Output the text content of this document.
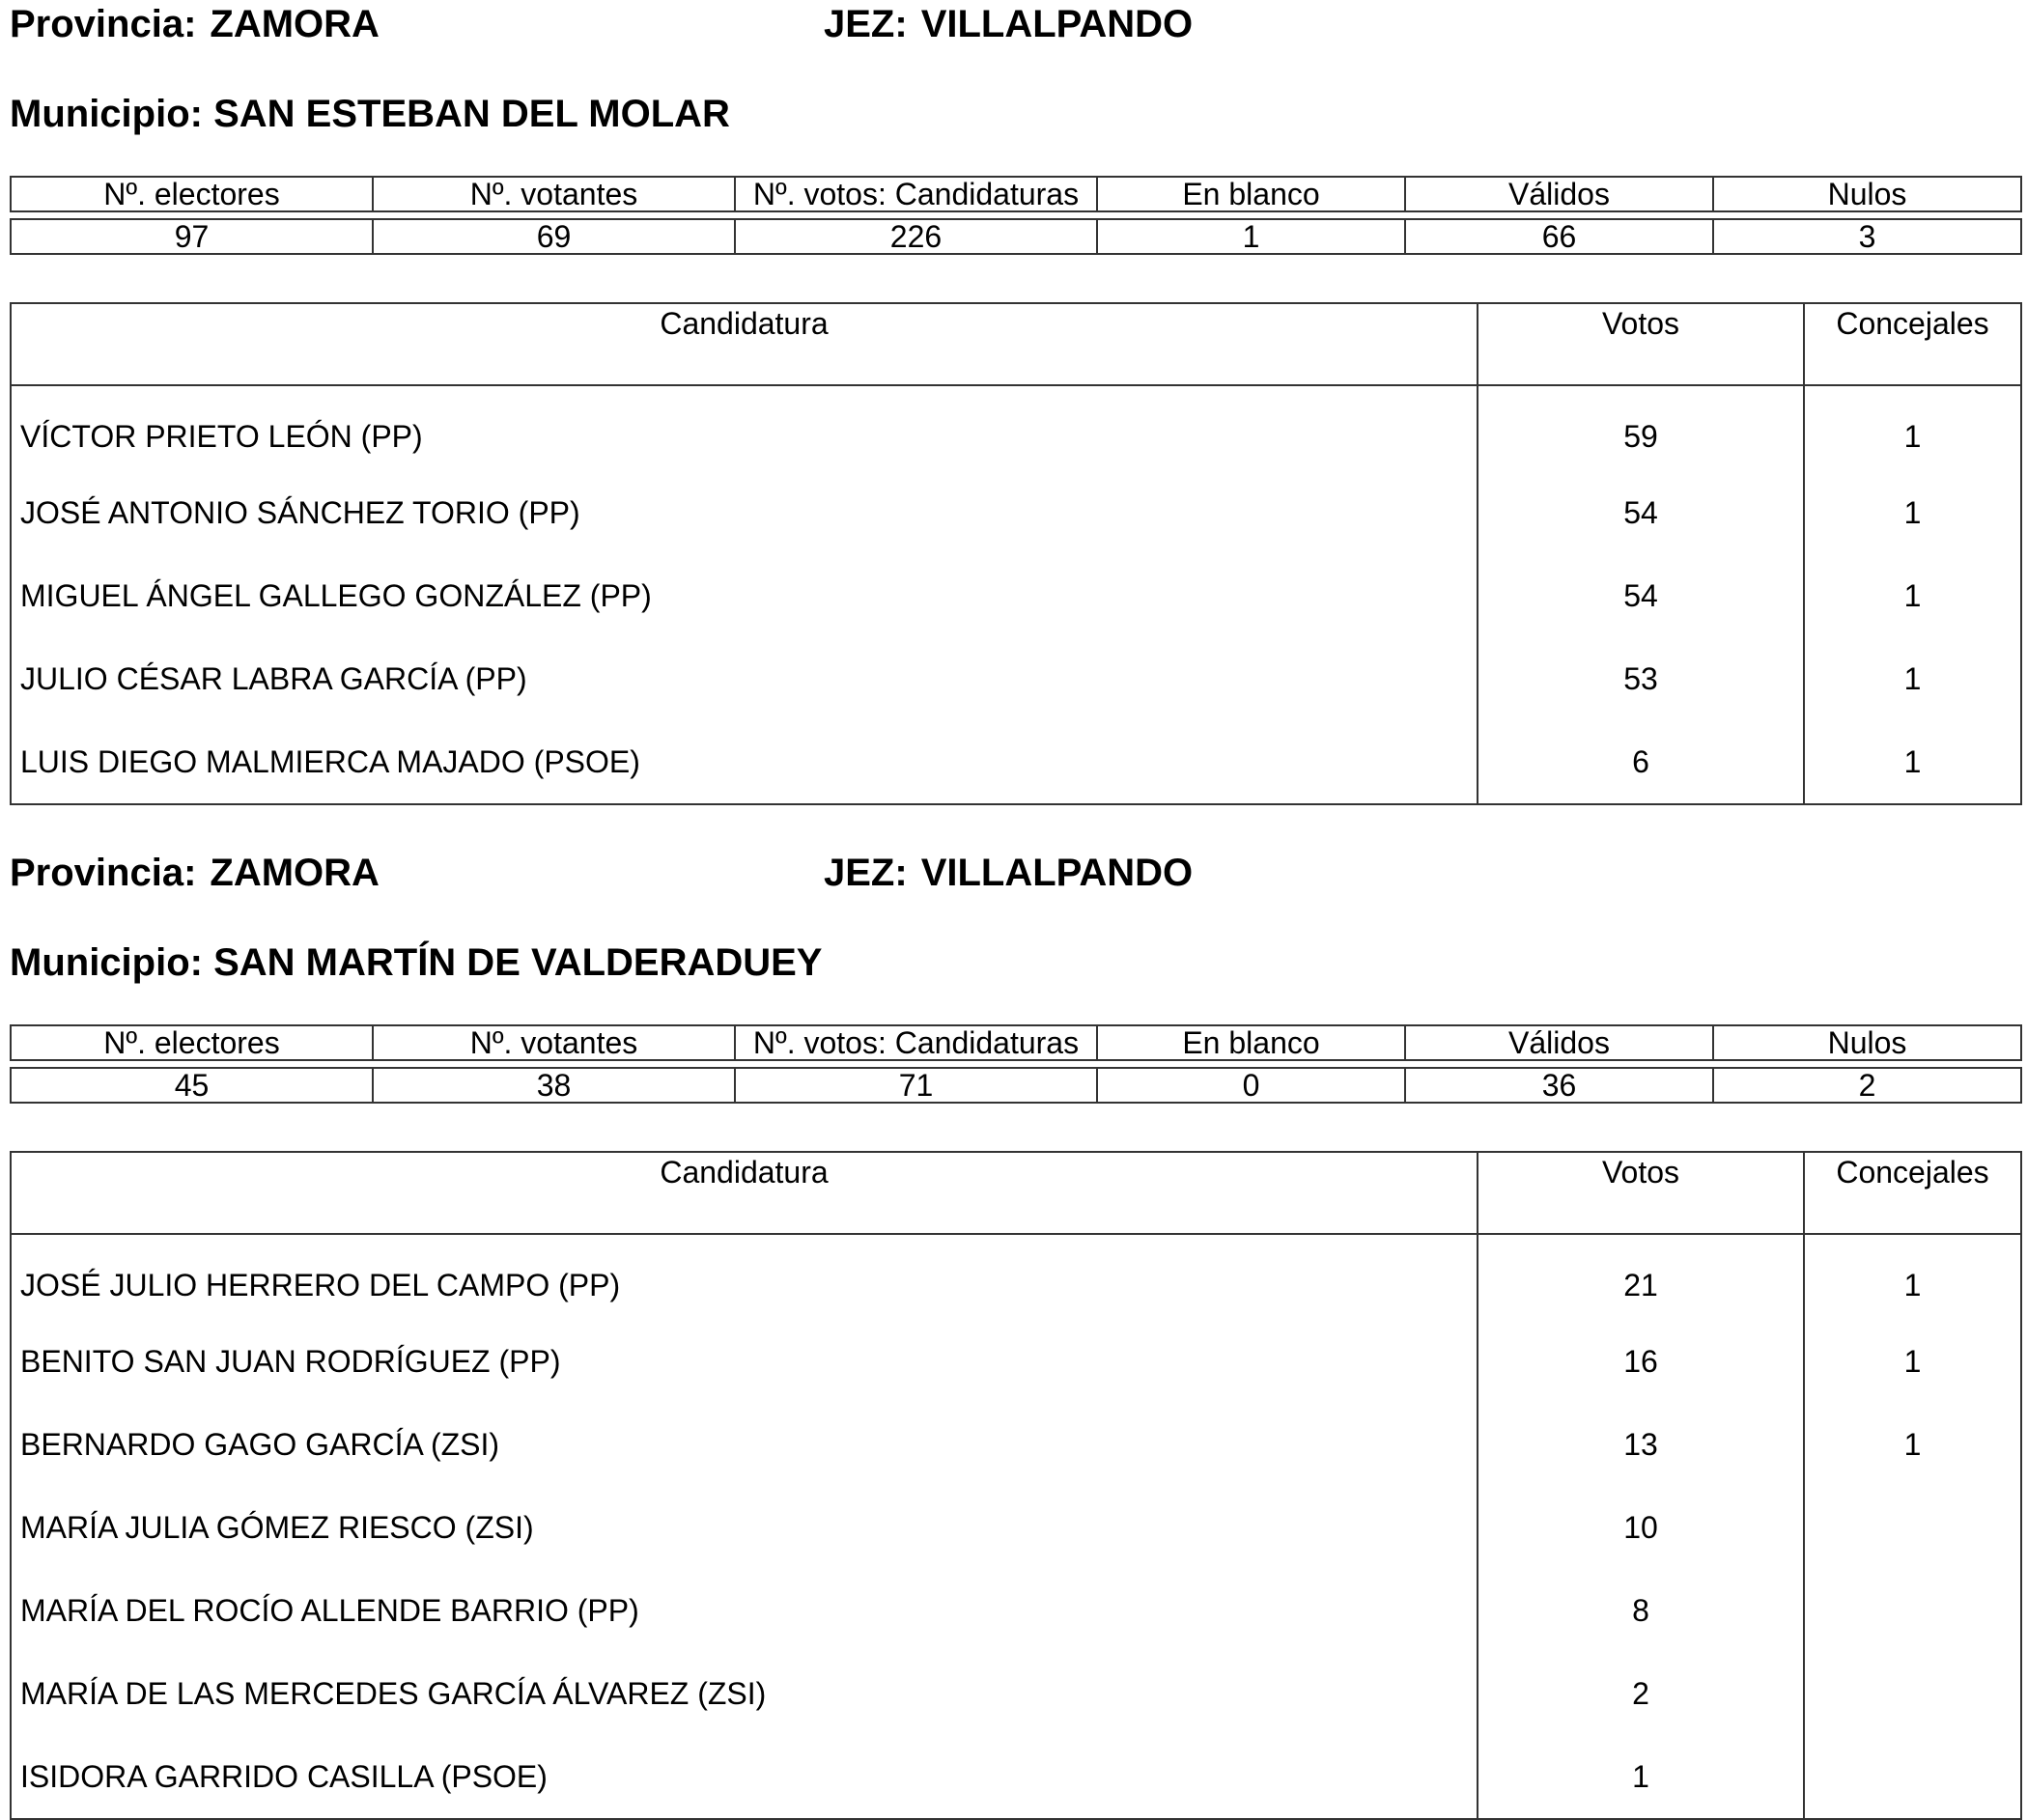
Provincia: ZAMORA	JEZ: VILLALPANDO
Municipio: SAN ESTEBAN DEL MOLAR
Nº. electores	Nº. votantes	Nº. votos: Candidaturas	En blanco	Válidos	Nulos
97	69	226	1	66	3
Candidatura	Votos	Concejales
VÍCTOR PRIETO LEÓN (PP)	59	1
JOSÉ ANTONIO SÁNCHEZ TORIO (PP)	54	1
MIGUEL ÁNGEL GALLEGO GONZÁLEZ (PP)	54	1
JULIO CÉSAR LABRA GARCÍA (PP)	53	1
LUIS DIEGO MALMIERCA MAJADO (PSOE)	6	1
Provincia: ZAMORA	JEZ: VILLALPANDO
Municipio: SAN MARTÍN DE VALDERADUEY
Nº. electores	Nº. votantes	Nº. votos: Candidaturas	En blanco	Válidos	Nulos
45	38	71	0	36	2
Candidatura	Votos	Concejales
JOSÉ JULIO HERRERO DEL CAMPO (PP)	21	1
BENITO SAN JUAN RODRÍGUEZ (PP)	16	1
BERNARDO GAGO GARCÍA (ZSI)	13	1
MARÍA JULIA GÓMEZ RIESCO (ZSI)	10	
MARÍA DEL ROCÍO ALLENDE BARRIO (PP)	8	
MARÍA DE LAS MERCEDES GARCÍA ÁLVAREZ (ZSI)	2	
ISIDORA GARRIDO CASILLA (PSOE)	1	
